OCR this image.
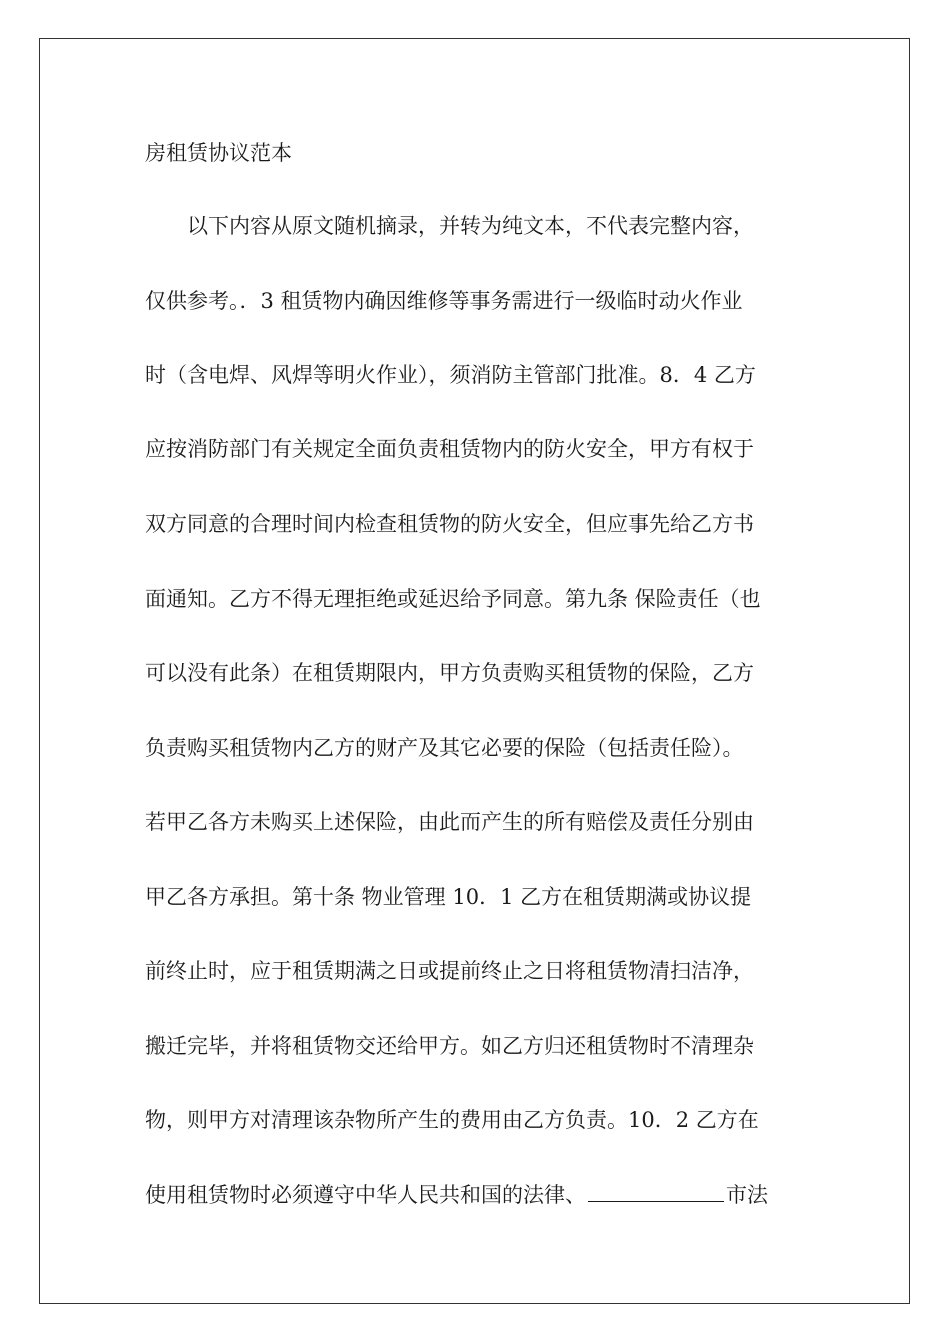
房租赁协议范本

以下内容从原文随机摘录，并转为纯文本，不代表完整内容，

仅供参考。．3 租赁物内确因维修等事务需进行一级临时动火作业

时（含电焊、风焊等明火作业），须消防主管部门批准。8．4 乙方

应按消防部门有关规定全面负责租赁物内的防火安全，甲方有权于

双方同意的合理时间内检查租赁物的防火安全，但应事先给乙方书

面通知。乙方不得无理拒绝或延迟给予同意。第九条 保险责任（也

可以没有此条）在租赁期限内，甲方负责购买租赁物的保险，乙方

负责购买租赁物内乙方的财产及其它必要的保险（包括责任险）。

若甲乙各方未购买上述保险，由此而产生的所有赔偿及责任分别由

甲乙各方承担。第十条 物业管理 10．1 乙方在租赁期满或协议提

前终止时，应于租赁期满之日或提前终止之日将租赁物清扫洁净，

搬迁完毕，并将租赁物交还给甲方。如乙方归还租赁物时不清理杂

物，则甲方对清理该杂物所产生的费用由乙方负责。10．2 乙方在

使用租赁物时必须遵守中华人民共和国的法律、	市法
